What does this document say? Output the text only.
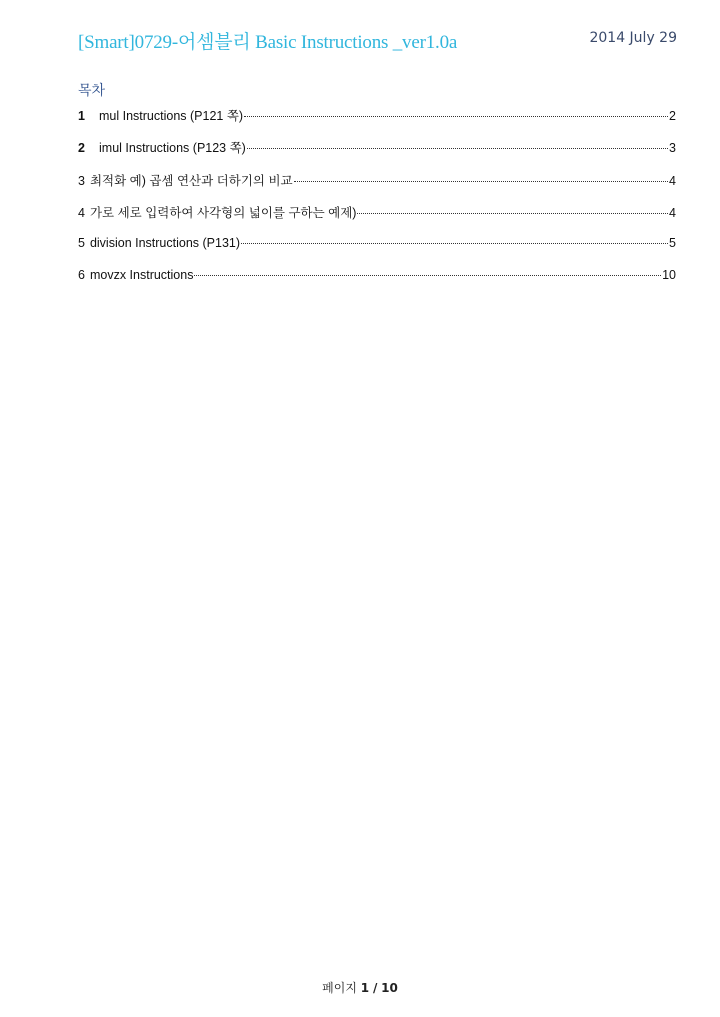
[Smart]0729-어셈블리 Basic Instructions _ver1.0a	2014 July 29
목차
1	mul Instructions (P121 쪽)	2
2	imul Instructions (P123 쪽)	3
3 최적화 예) 곱셈 연산과 더하기의 비교	4
4 가로 세로 입력하여 사각형의 넓이를 구하는 예제)	4
5 division Instructions (P131)	5
6 movzx Instructions	10
페이지 1 / 10
